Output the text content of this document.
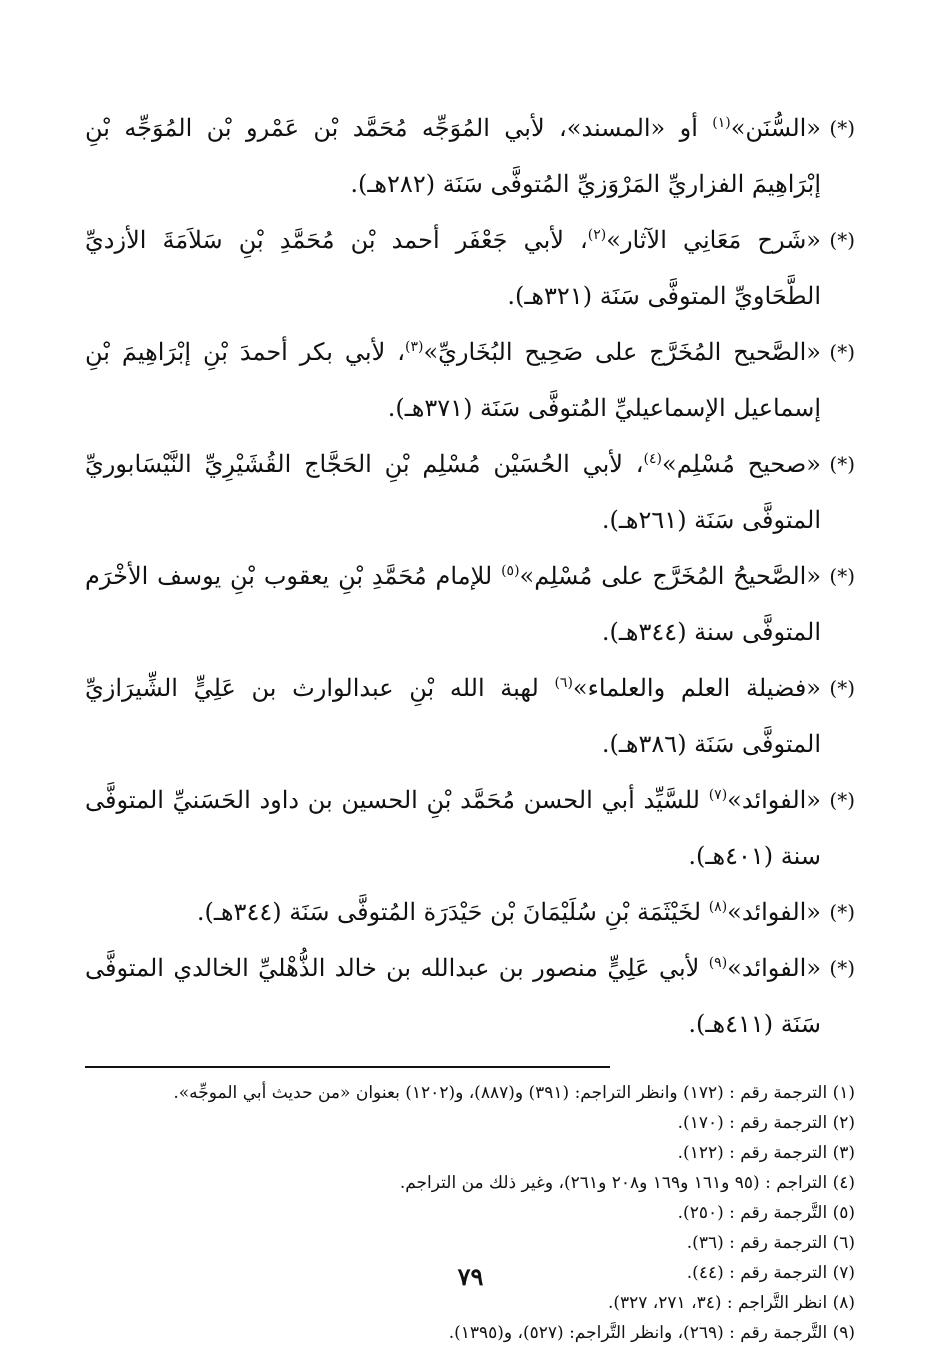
(*)
«السُّنَن»$^{(١)}$ أو «المسند»، لأبي المُوَجِّه مُحَمَّد بْن عَمْرو بْن المُوَجِّه بْنِ إبْرَاهِيمَ الفزاريِّ المَرْوَزيِّ المُتوفَّى سَنَة (٢٨٢هـ).

(*)
«شَرح مَعَانِي الآثار»$^{(٢)}$، لأبي جَعْفَر أحمد بْن مُحَمَّدِ بْنِ سَلاَمَةَ الأزديِّ الطَّحَاويِّ المتوفَّى سَنَة (٣٢١هـ).

(*)
«الصَّحيح المُخَرَّج على صَحِيح البُخَاريِّ»$^{(٣)}$، لأبي بكر أحمدَ بْنِ إبْرَاهِيمَ بْنِ إسماعيل الإسماعيليِّ المُتوفَّى سَنَة (٣٧١هـ).

(*)
«صحيح مُسْلِم»$^{(٤)}$، لأبي الحُسَيْن مُسْلِم بْنِ الحَجَّاج القُشَيْرِيِّ النَّيْسَابوريِّ المتوفَّى سَنَة (٢٦١هـ).

(*)
«الصَّحيحُ المُخَرَّج على مُسْلِم»$^{(٥)}$ للإمام مُحَمَّدِ بْنِ يعقوب بْنِ يوسف الأخْرَم المتوفَّى سنة (٣٤٤هـ).

(*)
«فضيلة العلم والعلماء»$^{(٦)}$ لهبة الله بْنِ عبدالوارث بن عَلِيٍّ الشِّيرَازيِّ المتوفَّى سَنَة (٣٨٦هـ).

(*)
«الفوائد»$^{(٧)}$ للسَّيِّد أبي الحسن مُحَمَّد بْنِ الحسين بن داود الحَسَنيِّ المتوفَّى سنة (٤٠١هـ).

(*)
«الفوائد»$^{(٨)}$ لخَيْثَمَة بْنِ سُلَيْمَانَ بْن حَيْدَرَة المُتوفَّى سَنَة (٣٤٤هـ).

(*)
«الفوائد»$^{(٩)}$ لأبي عَلِيٍّ منصور بن عبدالله بن خالد الذُّهْليِّ الخالدي المتوفَّى سَنَة (٤١١هـ).

(١) الترجمة رقم : (١٧٢) وانظر التراجم: (٣٩١) و(٨٨٧)، و(١٢٠٢) بعنوان «من حديث أبي الموجِّه».

(٢) الترجمة رقم : (١٧٠).

(٣) الترجمة رقم : (١٢٢).

(٤) التراجم : (٩٥ و١٦١ و١٦٩ و٢٠٨ و٢٦١)، وغير ذلك من التراجم.

(٥) التَّرجمة رقم : (٢٥٠).

(٦) الترجمة رقم : (٣٦).

(٧) الترجمة رقم : (٤٤).

(٨) انظر التَّراجم : (٣٤، ٢٧١، ٣٢٧).

(٩) التَّرجمة رقم : (٢٦٩)، وانظر التَّراجم: (٥٢٧)، و(١٣٩٥).

٧٩
